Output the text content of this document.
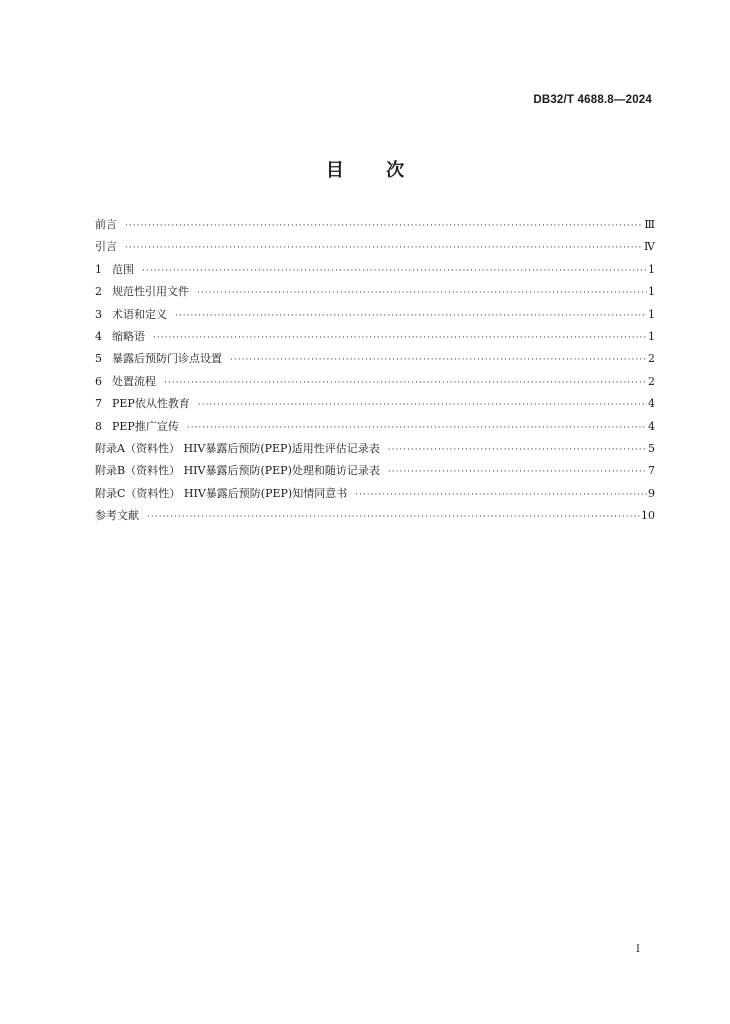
DB32/T 4688.8—2024
目 次
前言 ·····	Ⅲ
引言 ·····	Ⅳ
1 范围 ·····	1
2 规范性引用文件 ·····	1
3 术语和定义 ·····	1
4 缩略语 ·····	1
5 暴露后预防门诊点设置 ·····	2
6 处置流程 ·····	2
7 PEP依从性教育 ·····	4
8 PEP推广宣传 ·····	4
附录A（资料性） HIV暴露后预防(PEP)适用性评估记录表 ·····	5
附录B（资料性） HIV暴露后预防(PEP)处理和随访记录表 ·····	7
附录C（资料性） HIV暴露后预防(PEP)知情同意书 ·····	9
参考文献 ·····	10
I
